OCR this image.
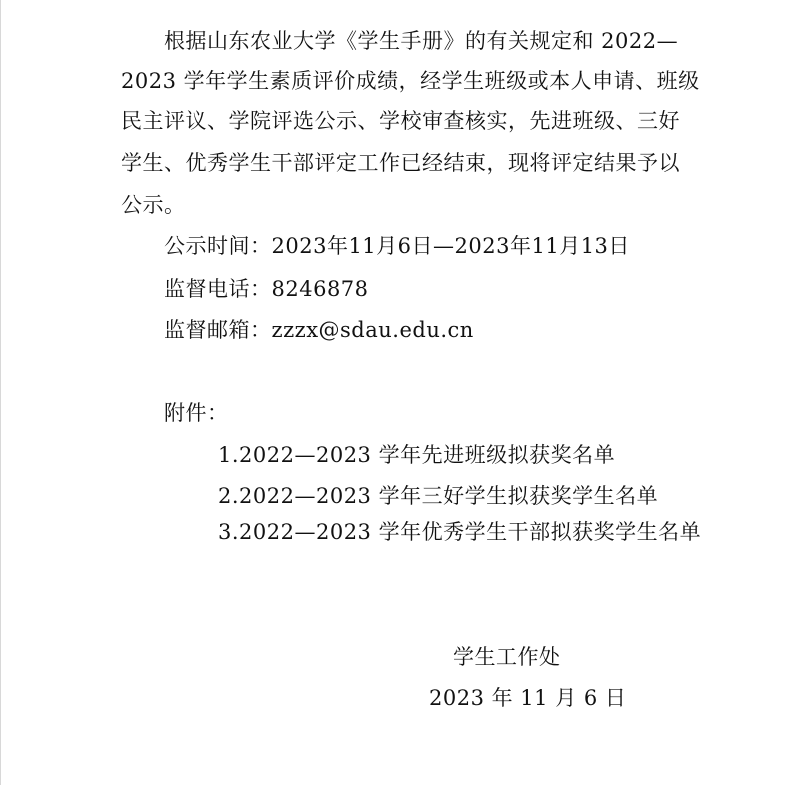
根据山东农业大学《学生手册》的有关规定和 2022—
2023 学年学生素质评价成绩，经学生班级或本人申请、班级
民主评议、学院评选公示、学校审查核实，先进班级、三好
学生、优秀学生干部评定工作已经结束，现将评定结果予以
公示。
公示时间：2023年11月6日—2023年11月13日
监督电话：8246878
监督邮箱：zzzx@sdau.edu.cn
附件：
1.2022—2023 学年先进班级拟获奖名单
2.2022—2023 学年三好学生拟获奖学生名单
3.2022—2023 学年优秀学生干部拟获奖学生名单
学生工作处
2023 年 11 月 6 日
